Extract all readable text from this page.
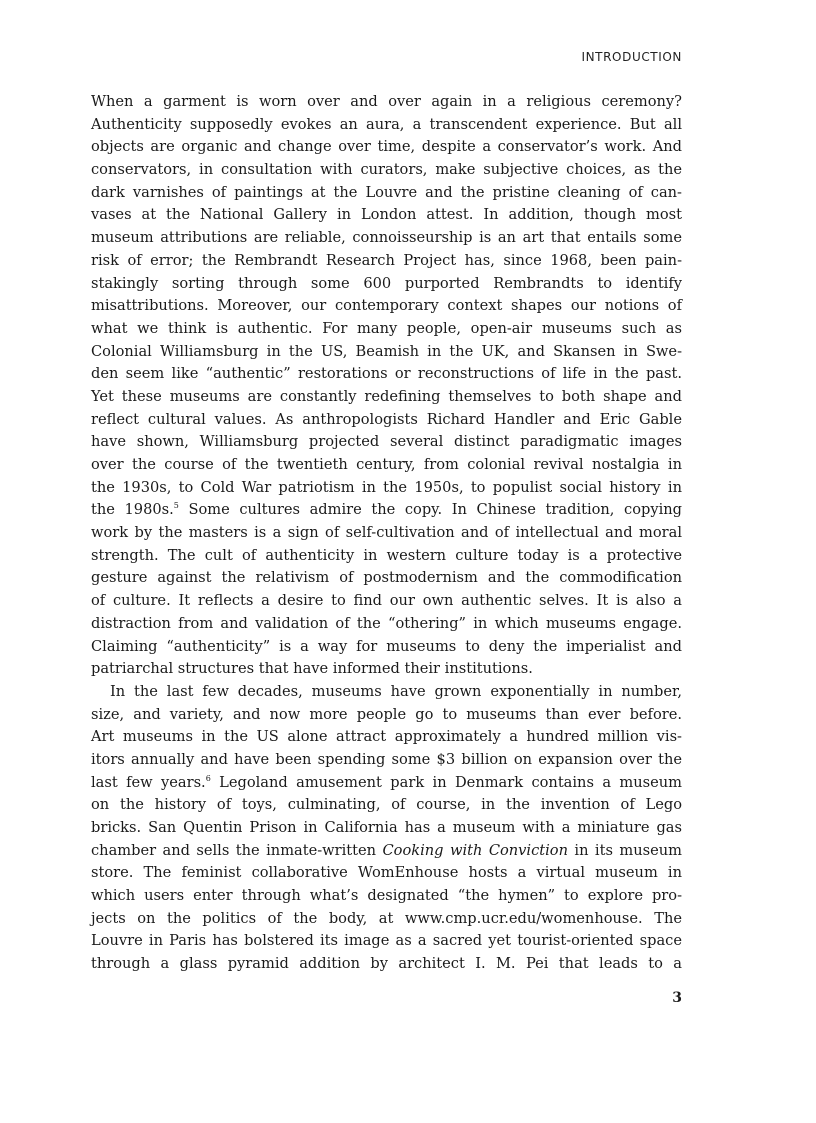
INTRODUCTION
When a garment is worn over and over again in a religious ceremony?
Authenticity supposedly evokes an aura, a transcendent experience. But all
objects are organic and change over time, despite a conservator’s work. And
conservators, in consultation with curators, make subjective choices, as the
dark varnishes of paintings at the Louvre and the pristine cleaning of can-
vases at the National Gallery in London attest. In addition, though most
museum attributions are reliable, connoisseurship is an art that entails some
risk of error; the Rembrandt Research Project has, since 1968, been pain-
stakingly sorting through some 600 purported Rembrandts to identify
misattributions. Moreover, our contemporary context shapes our notions of
what we think is authentic. For many people, open-air museums such as
Colonial Williamsburg in the US, Beamish in the UK, and Skansen in Swe-
den seem like “authentic” restorations or reconstructions of life in the past.
Yet these museums are constantly redefining themselves to both shape and
reflect cultural values. As anthropologists Richard Handler and Eric Gable
have shown, Williamsburg projected several distinct paradigmatic images
over the course of the twentieth century, from colonial revival nostalgia in
the 1930s, to Cold War patriotism in the 1950s, to populist social history in
the 1980s.$^5$ Some cultures admire the copy. In Chinese tradition, copying
work by the masters is a sign of self-cultivation and of intellectual and moral
strength. The cult of authenticity in western culture today is a protective
gesture against the relativism of postmodernism and the commodification
of culture. It reflects a desire to find our own authentic selves. It is also a
distraction from and validation of the “othering” in which museums engage.
Claiming “authenticity” is a way for museums to deny the imperialist and
patriarchal structures that have informed their institutions.
In the last few decades, museums have grown exponentially in number,
size, and variety, and now more people go to museums than ever before.
Art museums in the US alone attract approximately a hundred million vis-
itors annually and have been spending some $3 billion on expansion over the
last few years.$^6$ Legoland amusement park in Denmark contains a museum
on the history of toys, culminating, of course, in the invention of Lego
bricks. San Quentin Prison in California has a museum with a miniature gas
chamber and sells the inmate-written Cooking with Conviction in its museum
store. The feminist collaborative WomEnhouse hosts a virtual museum in
which users enter through what’s designated “the hymen” to explore pro-
jects on the politics of the body, at www.cmp.ucr.edu/womenhouse. The
Louvre in Paris has bolstered its image as a sacred yet tourist-oriented space
through a glass pyramid addition by architect I. M. Pei that leads to a
3
